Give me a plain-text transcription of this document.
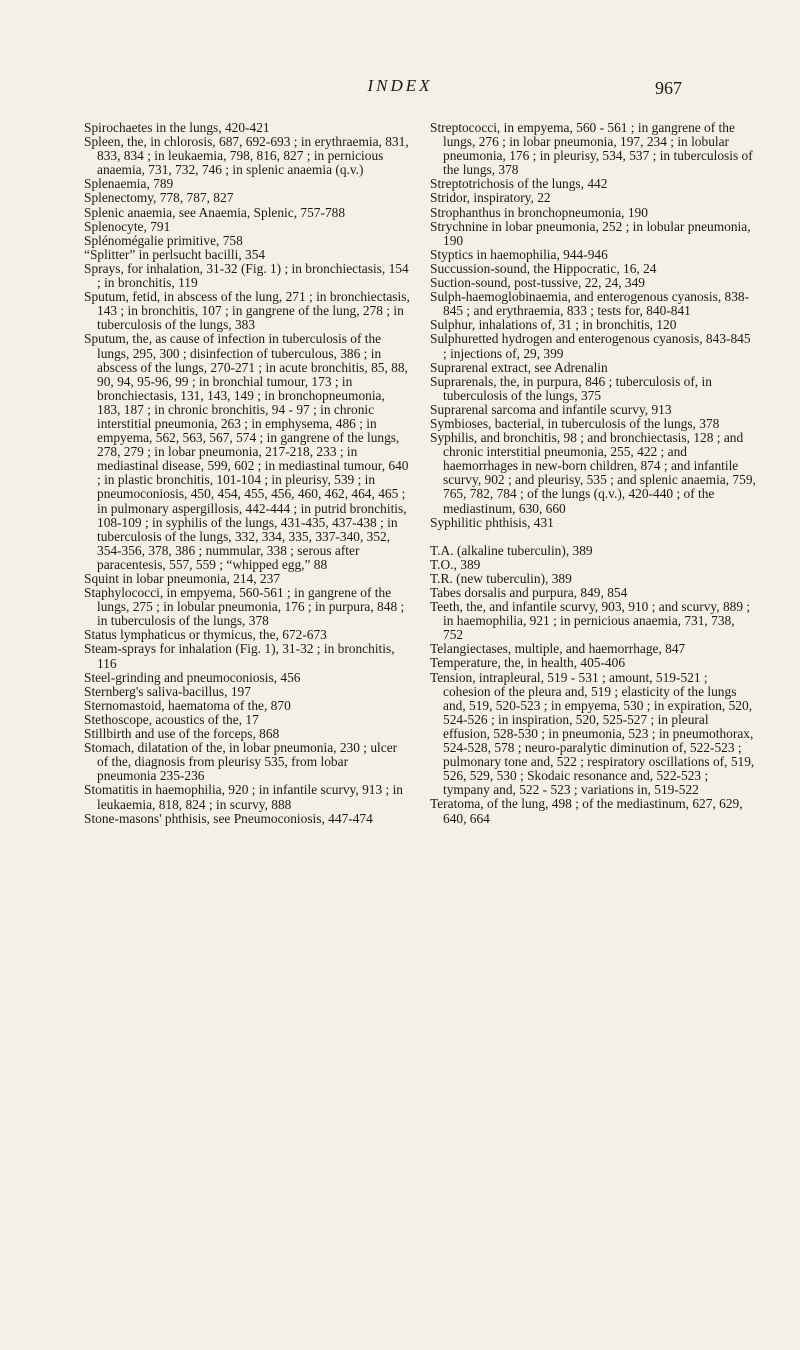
INDEX	967

Spirochaetes in the lungs, 420-421

Spleen, the, in chlorosis, 687, 692-693 ; in erythraemia, 831, 833, 834 ; in leukaemia, 798, 816, 827 ; in pernicious anaemia, 731, 732, 746 ; in splenic anaemia (q.v.)

Splenaemia, 789

Splenectomy, 778, 787, 827

Splenic anaemia, see Anaemia, Splenic, 757-788

Splenocyte, 791

Splénomégalie primitive, 758

“Splitter” in perlsucht bacilli, 354

Sprays, for inhalation, 31-32 (Fig. 1) ; in bronchiectasis, 154 ; in bronchitis, 119

Sputum, fetid, in abscess of the lung, 271 ; in bronchiectasis, 143 ; in bronchitis, 107 ; in gangrene of the lung, 278 ; in tuberculosis of the lungs, 383

Sputum, the, as cause of infection in tuberculosis of the lungs, 295, 300 ; disinfection of tuberculous, 386 ; in abscess of the lungs, 270-271 ; in acute bronchitis, 85, 88, 90, 94, 95-96, 99 ; in bronchial tumour, 173 ; in bronchiectasis, 131, 143, 149 ; in bronchopneumonia, 183, 187 ; in chronic bronchitis, 94 - 97 ; in chronic interstitial pneumonia, 263 ; in emphysema, 486 ; in empyema, 562, 563, 567, 574 ; in gangrene of the lungs, 278, 279 ; in lobar pneumonia, 217-218, 233 ; in mediastinal disease, 599, 602 ; in mediastinal tumour, 640 ; in plastic bronchitis, 101-104 ; in pleurisy, 539 ; in pneumoconiosis, 450, 454, 455, 456, 460, 462, 464, 465 ; in pulmonary aspergillosis, 442-444 ; in putrid bronchitis, 108-109 ; in syphilis of the lungs, 431-435, 437-438 ; in tuberculosis of the lungs, 332, 334, 335, 337-340, 352, 354-356, 378, 386 ; nummular, 338 ; serous after paracentesis, 557, 559 ; “whipped egg,” 88

Squint in lobar pneumonia, 214, 237

Staphylococci, in empyema, 560-561 ; in gangrene of the lungs, 275 ; in lobular pneumonia, 176 ; in purpura, 848 ; in tuberculosis of the lungs, 378

Status lymphaticus or thymicus, the, 672-673

Steam-sprays for inhalation (Fig. 1), 31-32 ; in bronchitis, 116

Steel-grinding and pneumoconiosis, 456

Sternberg's saliva-bacillus, 197

Sternomastoid, haematoma of the, 870

Stethoscope, acoustics of the, 17

Stillbirth and use of the forceps, 868

Stomach, dilatation of the, in lobar pneumonia, 230 ; ulcer of the, diagnosis from pleurisy 535, from lobar pneumonia 235-236

Stomatitis in haemophilia, 920 ; in infantile scurvy, 913 ; in leukaemia, 818, 824 ; in scurvy, 888

Stone-masons' phthisis, see Pneumoconiosis, 447-474

Streptococci, in empyema, 560 - 561 ; in gangrene of the lungs, 276 ; in lobar pneumonia, 197, 234 ; in lobular pneumonia, 176 ; in pleurisy, 534, 537 ; in tuberculosis of the lungs, 378

Streptotrichosis of the lungs, 442

Stridor, inspiratory, 22

Strophanthus in bronchopneumonia, 190

Strychnine in lobar pneumonia, 252 ; in lobular pneumonia, 190

Styptics in haemophilia, 944-946

Succussion-sound, the Hippocratic, 16, 24

Suction-sound, post-tussive, 22, 24, 349

Sulph-haemoglobinaemia, and enterogenous cyanosis, 838-845 ; and erythraemia, 833 ; tests for, 840-841

Sulphur, inhalations of, 31 ; in bronchitis, 120

Sulphuretted hydrogen and enterogenous cyanosis, 843-845 ; injections of, 29, 399

Suprarenal extract, see Adrenalin

Suprarenals, the, in purpura, 846 ; tuberculosis of, in tuberculosis of the lungs, 375

Suprarenal sarcoma and infantile scurvy, 913

Symbioses, bacterial, in tuberculosis of the lungs, 378

Syphilis, and bronchitis, 98 ; and bronchiectasis, 128 ; and chronic interstitial pneumonia, 255, 422 ; and haemorrhages in new-born children, 874 ; and infantile scurvy, 902 ; and pleurisy, 535 ; and splenic anaemia, 759, 765, 782, 784 ; of the lungs (q.v.), 420-440 ; of the mediastinum, 630, 660

Syphilitic phthisis, 431

T.A. (alkaline tuberculin), 389

T.O., 389

T.R. (new tuberculin), 389

Tabes dorsalis and purpura, 849, 854

Teeth, the, and infantile scurvy, 903, 910 ; and scurvy, 889 ; in haemophilia, 921 ; in pernicious anaemia, 731, 738, 752

Telangiectases, multiple, and haemorrhage, 847

Temperature, the, in health, 405-406

Tension, intrapleural, 519 - 531 ; amount, 519-521 ; cohesion of the pleura and, 519 ; elasticity of the lungs and, 519, 520-523 ; in empyema, 530 ; in expiration, 520, 524-526 ; in inspiration, 520, 525-527 ; in pleural effusion, 528-530 ; in pneumonia, 523 ; in pneumothorax, 524-528, 578 ; neuro-paralytic diminution of, 522-523 ; pulmonary tone and, 522 ; respiratory oscillations of, 519, 526, 529, 530 ; Skodaic resonance and, 522-523 ; tympany and, 522 - 523 ; variations in, 519-522

Teratoma, of the lung, 498 ; of the mediastinum, 627, 629, 640, 664
